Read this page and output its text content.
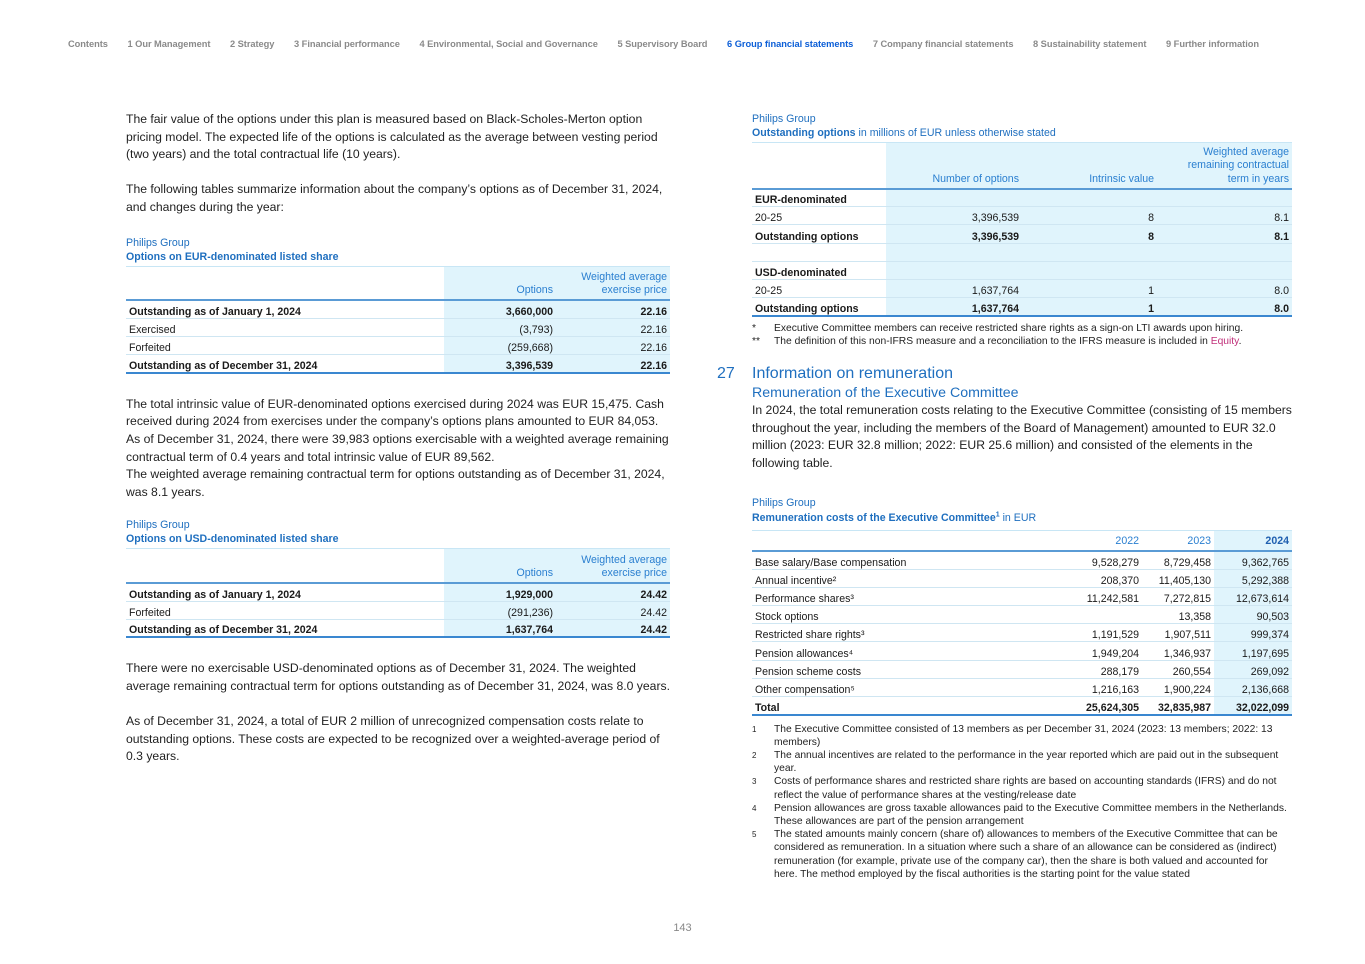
Contents 1 Our Management 2 Strategy 3 Financial performance 4 Environmental, Social and Governance 5 Supervisory Board 6 Group financial statements 7 Company financial statements 8 Sustainability statement 9 Further information

The fair value of the options under this plan is measured based on Black-Scholes-Merton option pricing model. The expected life of the options is calculated as the average between vesting period (two years) and the total contractual life (10 years).

The following tables summarize information about the company’s options as of December 31, 2024, and changes during the year:

Philips Group
Options on EUR-denominated listed share
	Options	Weighted average exercise price
Outstanding as of January 1, 2024	3,660,000	22.16
Exercised	(3,793)	22.16
Forfeited	(259,668)	22.16
Outstanding as of December 31, 2024	3,396,539	22.16

The total intrinsic value of EUR-denominated options exercised during 2024 was EUR 15,475. Cash received during 2024 from exercises under the company’s options plans amounted to EUR 84,053. As of December 31, 2024, there were 39,983 options exercisable with a weighted average remaining contractual term of 0.4 years and total intrinsic value of EUR 89,562.

The weighted average remaining contractual term for options outstanding as of December 31, 2024, was 8.1 years.

Philips Group
Options on USD-denominated listed share
	Options	Weighted average exercise price
Outstanding as of January 1, 2024	1,929,000	24.42
Forfeited	(291,236)	24.42
Outstanding as of December 31, 2024	1,637,764	24.42

There were no exercisable USD-denominated options as of December 31, 2024. The weighted average remaining contractual term for options outstanding as of December 31, 2024, was 8.0 years.

As of December 31, 2024, a total of EUR 2 million of unrecognized compensation costs relate to outstanding options. These costs are expected to be recognized over a weighted-average period of 0.3 years.

Philips Group
Outstanding options in millions of EUR unless otherwise stated
	Number of options	Intrinsic value	Weighted average remaining contractual term in years
EUR-denominated			
20-25	3,396,539	8	8.1
Outstanding options	3,396,539	8	8.1

USD-denominated			
20-25	1,637,764	1	8.0
Outstanding options	1,637,764	1	8.0
*	Executive Committee members can receive restricted share rights as a sign-on LTI awards upon hiring.
**	The definition of this non-IFRS measure and a reconciliation to the IFRS measure is included in Equity.
27	Information on remuneration
Remuneration of the Executive Committee

In 2024, the total remuneration costs relating to the Executive Committee (consisting of 15 members throughout the year, including the members of the Board of Management) amounted to EUR 32.0 million (2023: EUR 32.8 million; 2022: EUR 25.6 million) and consisted of the elements in the following table.

Philips Group
Remuneration costs of the Executive Committee$^1$ in EUR
	2022	2023	2024
Base salary/Base compensation	9,528,279	8,729,458	9,362,765
Annual incentive²	208,370	11,405,130	5,292,388
Performance shares³	11,242,581	7,272,815	12,673,614
Stock options		13,358	90,503
Restricted share rights³	1,191,529	1,907,511	999,374
Pension allowances⁴	1,949,204	1,346,937	1,197,695
Pension scheme costs	288,179	260,554	269,092
Other compensation⁵	1,216,163	1,900,224	2,136,668
Total	25,624,305	32,835,987	32,022,099
1	The Executive Committee consisted of 13 members as per December 31, 2024 (2023: 13 members; 2022: 13 members)
2	The annual incentives are related to the performance in the year reported which are paid out in the subsequent year.
3	Costs of performance shares and restricted share rights are based on accounting standards (IFRS) and do not reflect the value of performance shares at the vesting/release date
4	Pension allowances are gross taxable allowances paid to the Executive Committee members in the Netherlands. These allowances are part of the pension arrangement
5	The stated amounts mainly concern (share of) allowances to members of the Executive Committee that can be considered as remuneration. In a situation where such a share of an allowance can be considered as (indirect) remuneration (for example, private use of the company car), then the share is both valued and accounted for here. The method employed by the fiscal authorities is the starting point for the value stated
143
